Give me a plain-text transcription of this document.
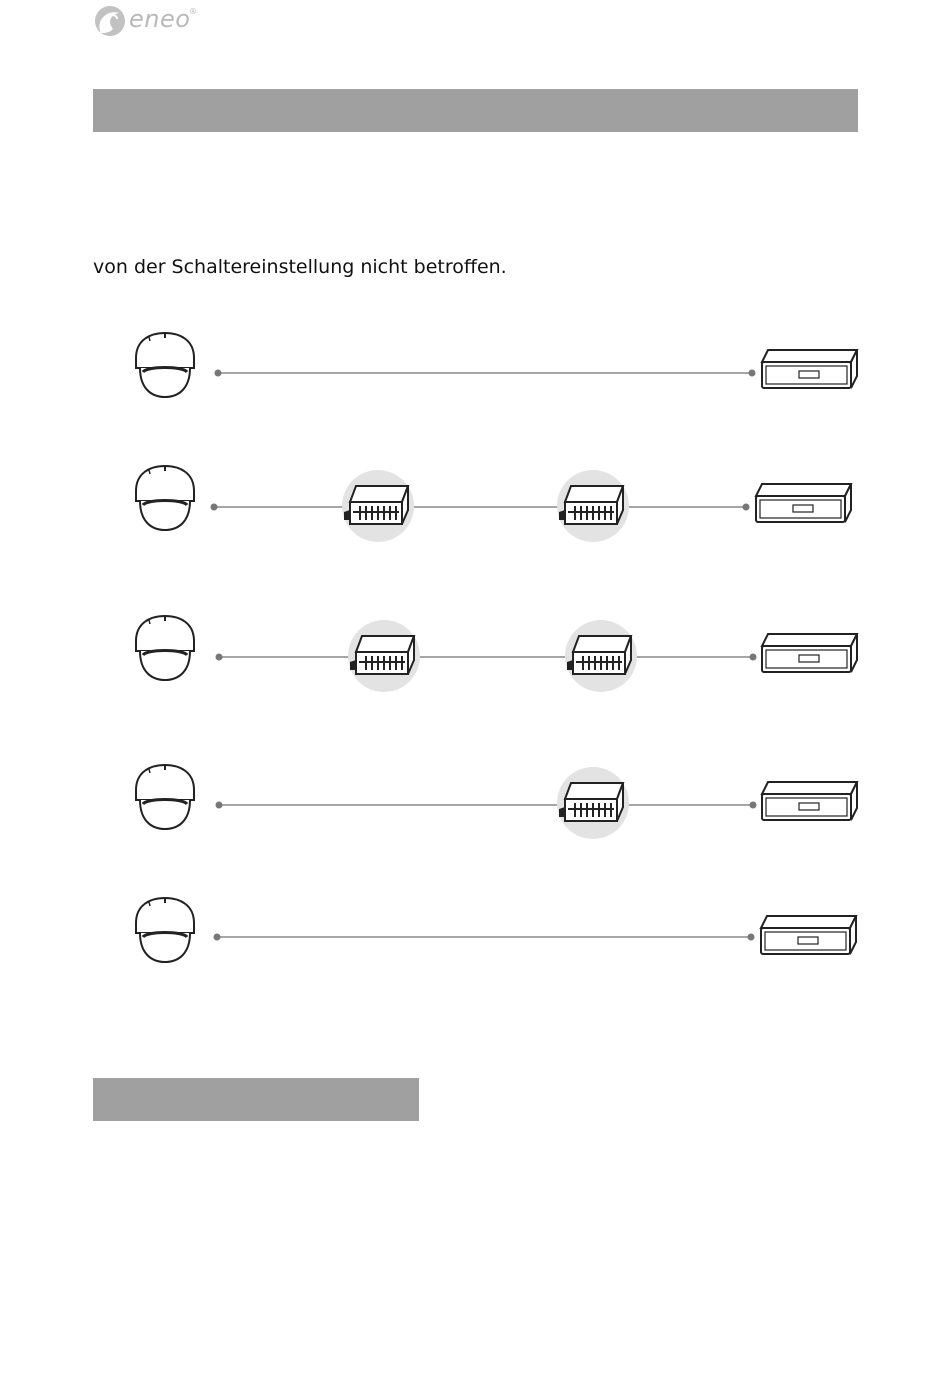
eneo
®
von der Schaltereinstellung nicht betroffen.
